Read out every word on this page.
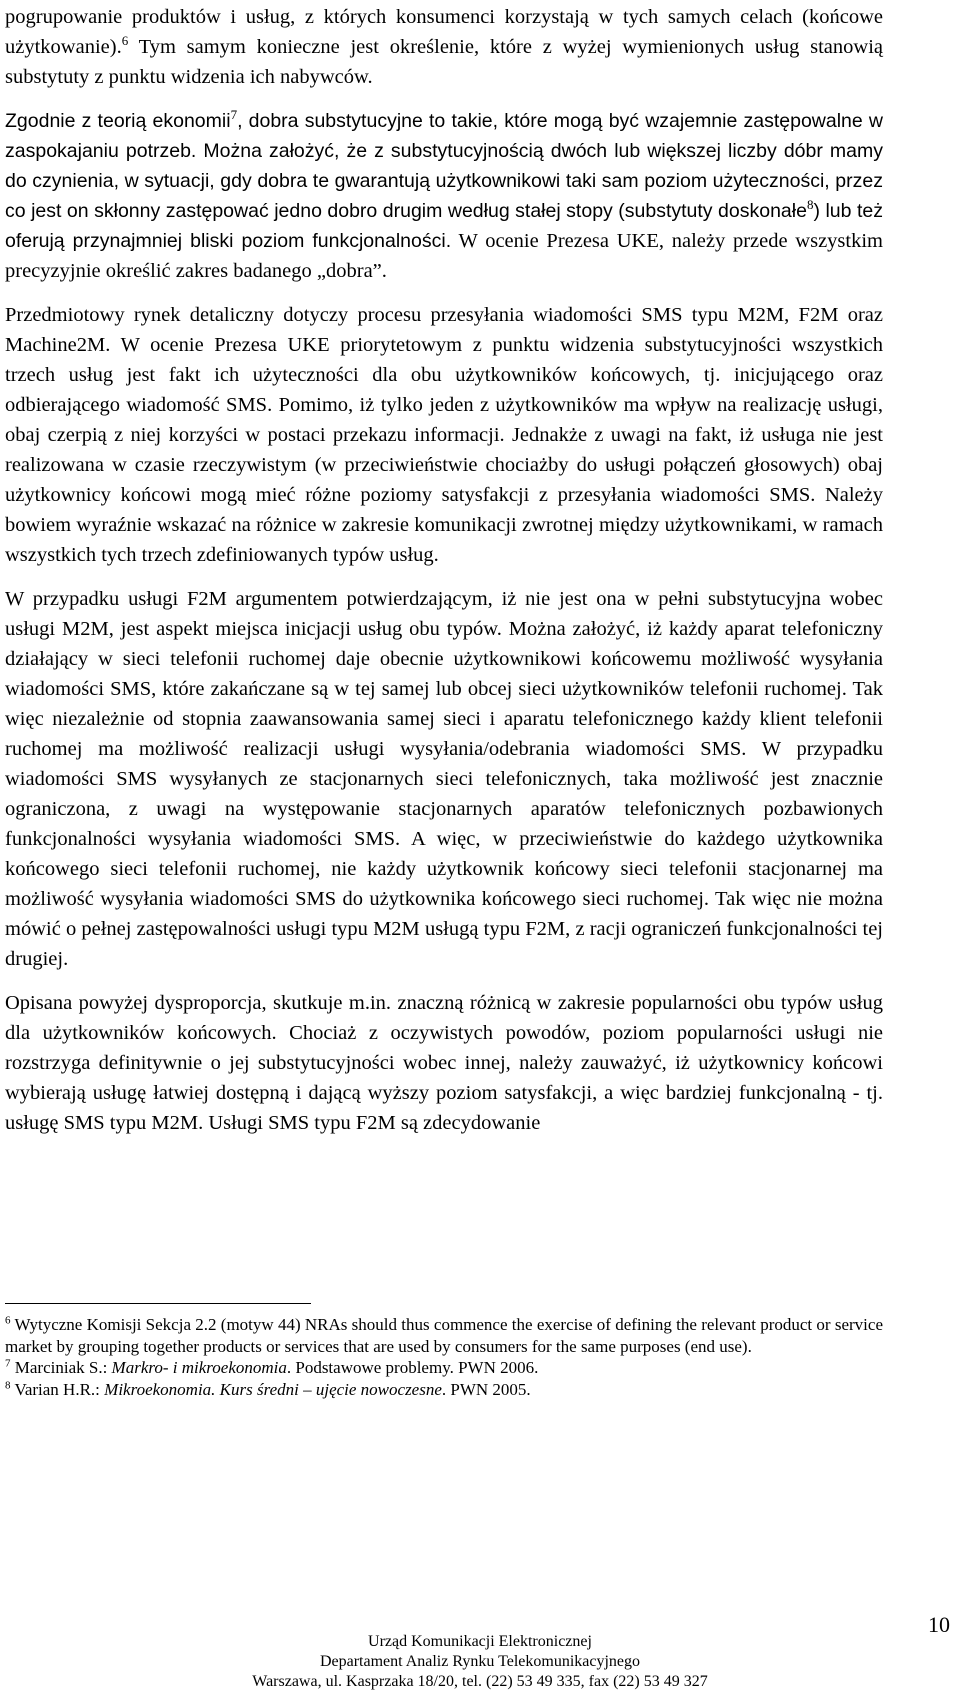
pogrupowanie produktów i usług, z których konsumenci korzystają w tych samych celach (końcowe użytkowanie).$^6$ Tym samym konieczne jest określenie, które z wyżej wymienionych usług stanowią substytuty z punktu widzenia ich nabywców.

Zgodnie z teorią ekonomii$^7$, dobra substytucyjne to takie, które mogą być wzajemnie zastępowalne w zaspokajaniu potrzeb. Można założyć, że z substytucyjnością dwóch lub większej liczby dóbr mamy do czynienia, w sytuacji, gdy dobra te gwarantują użytkownikowi taki sam poziom użyteczności, przez co jest on skłonny zastępować jedno dobro drugim według stałej stopy (substytuty doskonałe$^8$) lub też oferują przynajmniej bliski poziom funkcjonalności. W ocenie Prezesa UKE, należy przede wszystkim precyzyjnie określić zakres badanego „dobra”.

Przedmiotowy rynek detaliczny dotyczy procesu przesyłania wiadomości SMS typu M2M, F2M oraz Machine2M. W ocenie Prezesa UKE priorytetowym z punktu widzenia substytucyjności wszystkich trzech usług jest fakt ich użyteczności dla obu użytkowników końcowych, tj. inicjującego oraz odbierającego wiadomość SMS. Pomimo, iż tylko jeden z użytkowników ma wpływ na realizację usługi, obaj czerpią z niej korzyści w postaci przekazu informacji. Jednakże z uwagi na fakt, iż usługa nie jest realizowana w czasie rzeczywistym (w przeciwieństwie chociażby do usługi połączeń głosowych) obaj użytkownicy końcowi mogą mieć różne poziomy satysfakcji z przesyłania wiadomości SMS. Należy bowiem wyraźnie wskazać na różnice w zakresie komunikacji zwrotnej między użytkownikami, w ramach wszystkich tych trzech zdefiniowanych typów usług.

W przypadku usługi F2M argumentem potwierdzającym, iż nie jest ona w pełni substytucyjna wobec usługi M2M, jest aspekt miejsca inicjacji usług obu typów. Można założyć, iż każdy aparat telefoniczny działający w sieci telefonii ruchomej daje obecnie użytkownikowi końcowemu możliwość wysyłania wiadomości SMS, które zakańczane są w tej samej lub obcej sieci użytkowników telefonii ruchomej. Tak więc niezależnie od stopnia zaawansowania samej sieci i aparatu telefonicznego każdy klient telefonii ruchomej ma możliwość realizacji usługi wysyłania/odebrania wiadomości SMS. W przypadku wiadomości SMS wysyłanych ze stacjonarnych sieci telefonicznych, taka możliwość jest znacznie ograniczona, z uwagi na występowanie stacjonarnych aparatów telefonicznych pozbawionych funkcjonalności wysyłania wiadomości SMS. A więc, w przeciwieństwie do każdego użytkownika końcowego sieci telefonii ruchomej, nie każdy użytkownik końcowy sieci telefonii stacjonarnej ma możliwość wysyłania wiadomości SMS do użytkownika końcowego sieci ruchomej. Tak więc nie można mówić o pełnej zastępowalności usługi typu M2M usługą typu F2M, z racji ograniczeń funkcjonalności tej drugiej.

Opisana powyżej dysproporcja, skutkuje m.in. znaczną różnicą w zakresie popularności obu typów usług dla użytkowników końcowych. Chociaż z oczywistych powodów, poziom popularności usługi nie rozstrzyga definitywnie o jej substytucyjności wobec innej, należy zauważyć, iż użytkownicy końcowi wybierają usługę łatwiej dostępną i dającą wyższy poziom satysfakcji, a więc bardziej funkcjonalną - tj. usługę SMS typu M2M. Usługi SMS typu F2M są zdecydowanie

$^6$ Wytyczne Komisji Sekcja 2.2 (motyw 44) NRAs should thus commence the exercise of defining the relevant product or service market by grouping together products or services that are used by consumers for the same purposes (end use).

$^7$ Marciniak S.: Markro- i mikroekonomia. Podstawowe problemy. PWN 2006.

$^8$ Varian H.R.: Mikroekonomia. Kurs średni – ujęcie nowoczesne. PWN 2005.

10
Urząd Komunikacji Elektronicznej
Departament Analiz Rynku Telekomunikacyjnego
Warszawa, ul. Kasprzaka 18/20, tel. (22) 53 49 335, fax (22) 53 49 327
